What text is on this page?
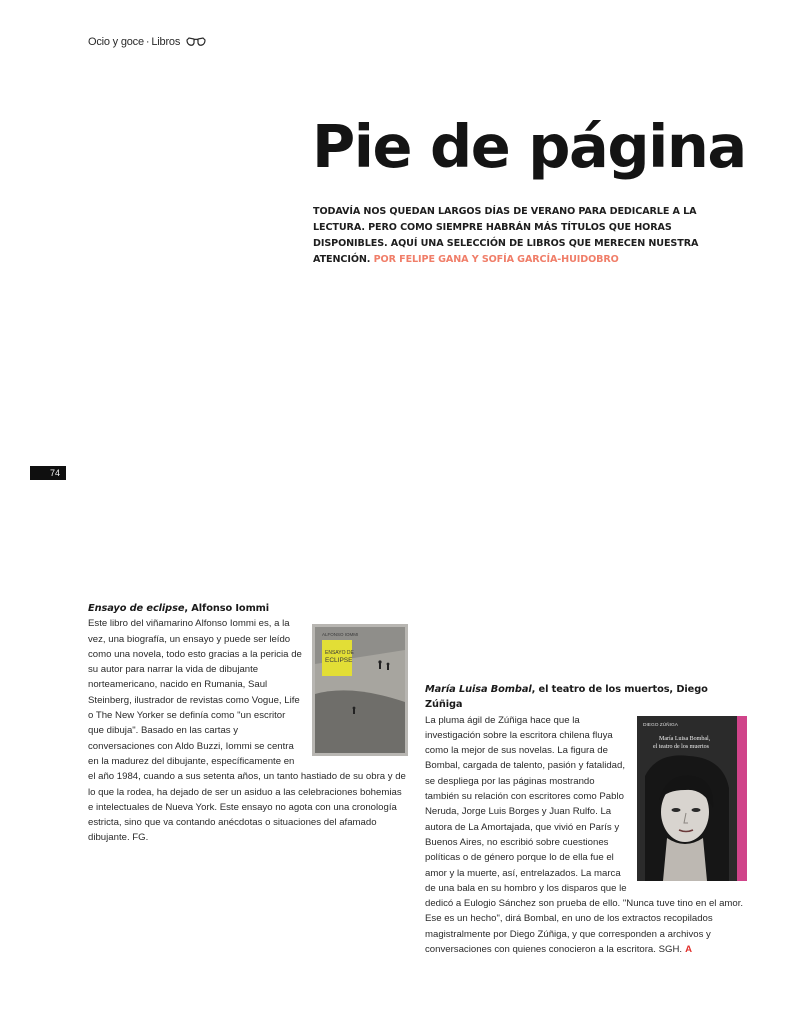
Ocio y goce · Libros
Pie de página

TODAVÍA NOS QUEDAN LARGOS DÍAS DE VERANO PARA DEDICARLE A LA LECTURA. PERO COMO SIEMPRE HABRÁN MÁS TÍTULOS QUE HORAS DISPONIBLES. AQUÍ UNA SELECCIÓN DE LIBROS QUE MERECEN NUESTRA ATENCIÓN. POR FELIPE GANA Y SOFÍA GARCÍA-HUIDOBRO

74
Ensayo de eclipse, Alfonso Iommi
ALFONSO IOMMI
ENSAYO DE
ECLIPSE

Este libro del viñamarino Alfonso Iommi es, a la vez, una biografía, un ensayo y puede ser leído como una novela, todo esto gracias a la pericia de su autor para narrar la vida de dibujante norteamericano, nacido en Rumania, Saul Steinberg, ilustrador de revistas como Vogue, Life o The New Yorker se definía como "un escritor que dibuja". Basado en las cartas y conversaciones con Aldo Buzzi, Iommi se centra en la madurez del dibujante, específicamente en el año 1984, cuando a sus setenta años, un tanto hastiado de su obra y de lo que la rodea, ha dejado de ser un asiduo a las celebraciones bohemias e intelectuales de Nueva York. Este ensayo no agota con una cronología estricta, sino que va contando anécdotas o situaciones del afamado dibujante. FG.

María Luisa Bombal, el teatro de los muertos, Diego Zúñiga
DIEGO ZÚÑIGA
María Luisa Bombal,
el teatro de los muertos

La pluma ágil de Zúñiga hace que la investigación sobre la escritora chilena fluya como la mejor de sus novelas. La figura de Bombal, cargada de talento, pasión y fatalidad, se despliega por las páginas mostrando también su relación con escritores como Pablo Neruda, Jorge Luis Borges y Juan Rulfo. La autora de La Amortajada, que vivió en París y Buenos Aires, no escribió sobre cuestiones políticas o de género porque lo de ella fue el amor y la muerte, así, entrelazados. La marca de una bala en su hombro y los disparos que le dedicó a Eulogio Sánchez son prueba de ello. "Nunca tuve tino en el amor. Ese es un hecho", dirá Bombal, en uno de los extractos recopilados magistralmente por Diego Zúñiga, y que corresponden a archivos y conversaciones con quienes conocieron a la escritora. SGH. A
